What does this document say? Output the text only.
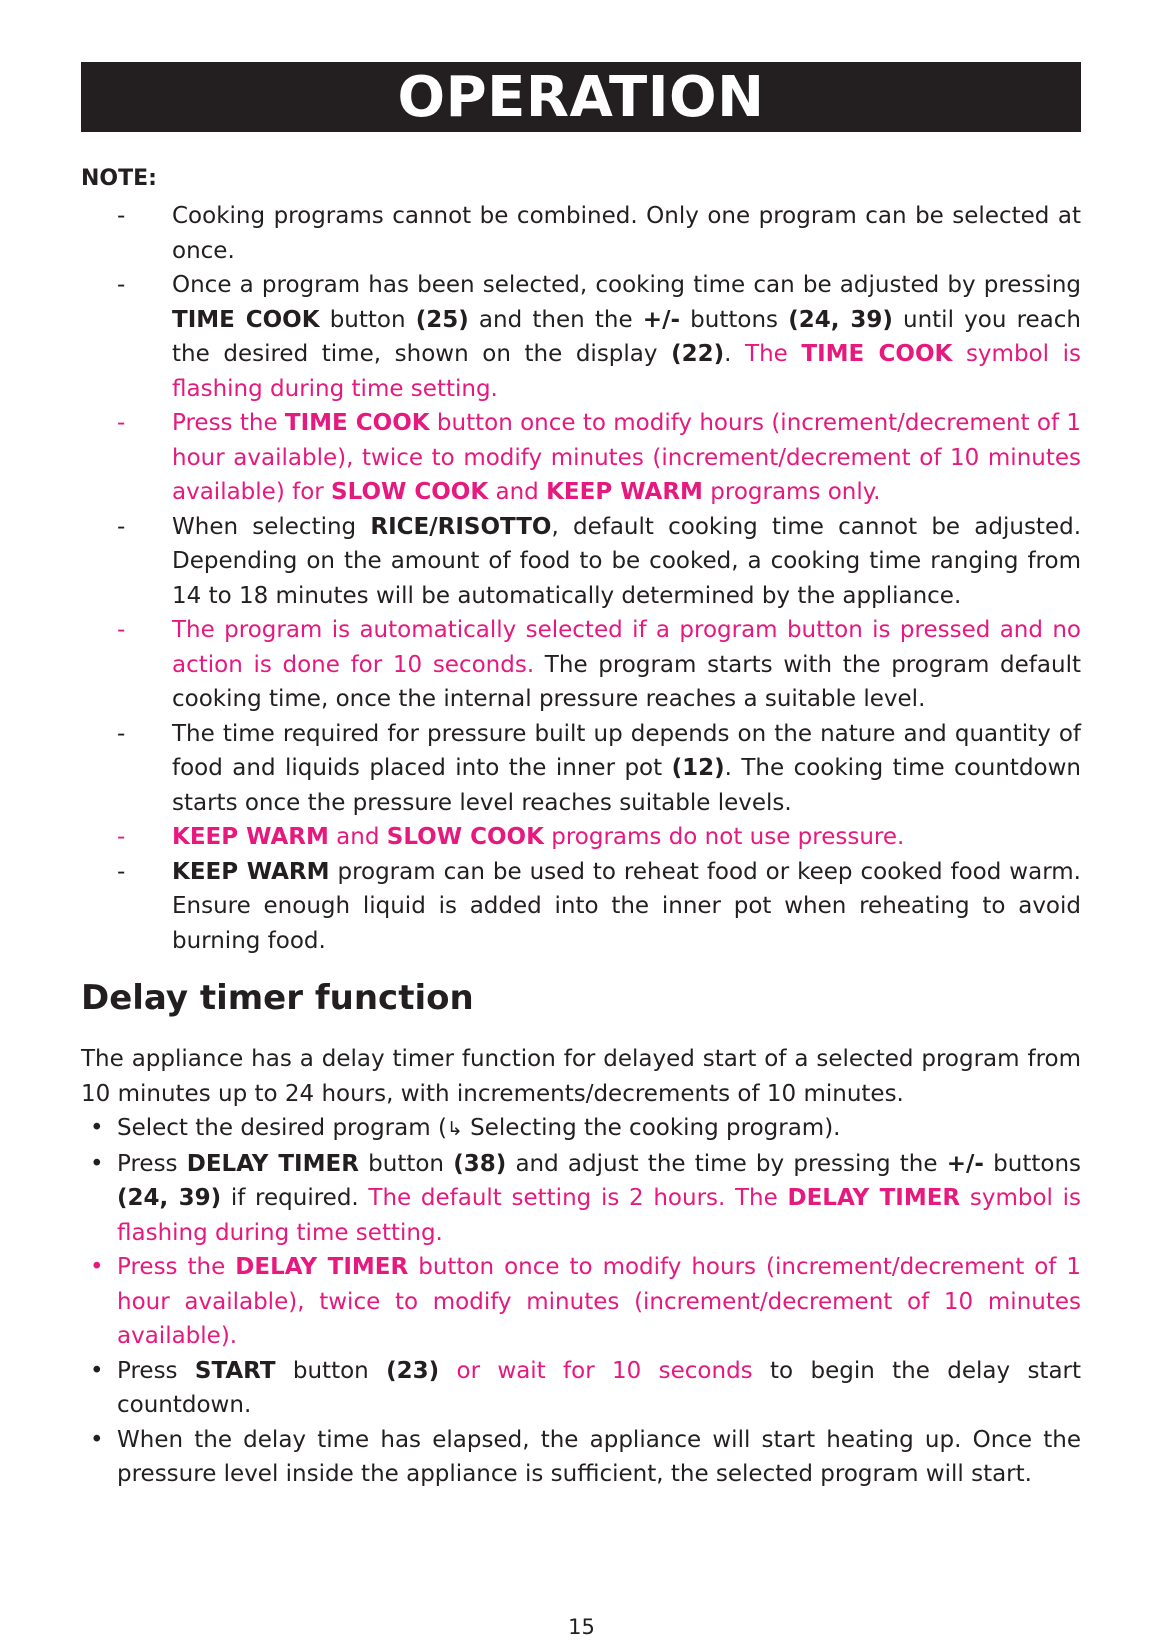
OPERATION
NOTE:
- Cooking programs cannot be combined. Only one program can be selected at once.
- Once a program has been selected, cooking time can be adjusted by pressing TIME COOK button (25) and then the +/- buttons (24, 39) until you reach the desired time, shown on the display (22). The TIME COOK symbol is flashing during time setting.
- Press the TIME COOK button once to modify hours (increment/decrement of 1 hour available), twice to modify minutes (increment/decrement of 10 minutes available) for SLOW COOK and KEEP WARM programs only.
- When selecting RICE/RISOTTO, default cooking time cannot be adjusted. Depending on the amount of food to be cooked, a cooking time ranging from 14 to 18 minutes will be automatically determined by the appliance.
- The program is automatically selected if a program button is pressed and no action is done for 10 seconds. The program starts with the program default cooking time, once the internal pressure reaches a suitable level.
- The time required for pressure built up depends on the nature and quantity of food and liquids placed into the inner pot (12). The cooking time countdown starts once the pressure level reaches suitable levels.
- KEEP WARM and SLOW COOK programs do not use pressure.
- KEEP WARM program can be used to reheat food or keep cooked food warm. Ensure enough liquid is added into the inner pot when reheating to avoid burning food.
Delay timer function

The appliance has a delay timer function for delayed start of a selected program from 10 minutes up to 24 hours, with increments/decrements of 10 minutes.

• Select the desired program (↳ Selecting the cooking program).
• Press DELAY TIMER button (38) and adjust the time by pressing the +/- buttons (24, 39) if required. The default setting is 2 hours. The DELAY TIMER symbol is flashing during time setting.
• Press the DELAY TIMER button once to modify hours (increment/decrement of 1 hour available), twice to modify minutes (increment/decrement of 10 minutes available).
• Press START button (23) or wait for 10 seconds to begin the delay start countdown.
• When the delay time has elapsed, the appliance will start heating up. Once the pressure level inside the appliance is sufficient, the selected program will start.
15
